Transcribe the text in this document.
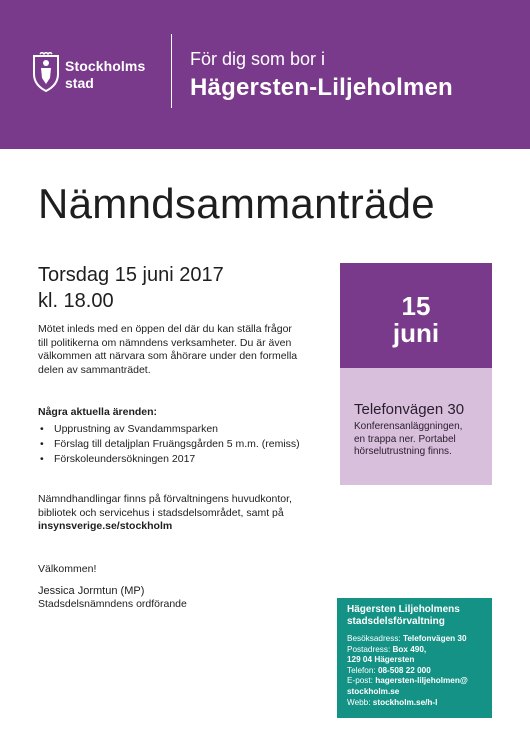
Stockholms
stad
För dig som bor i
Hägersten-Liljeholmen
Nämndsammanträde
Torsdag 15 juni 2017
kl. 18.00
Mötet inleds med en öppen del där du kan ställa frågor
till politikerna om nämndens verksamheter. Du är även
välkommen att närvara som åhörare under den formella
delen av sammanträdet.
Några aktuella ärenden:
• Upprustning av Svandammsparken
• Förslag till detaljplan Fruängsgården 5 m.m. (remiss)
• Förskoleundersökningen 2017
Nämndhandlingar finns på förvaltningens huvudkontor,
bibliotek och servicehus i stadsdelsområdet, samt på
insynsverige.se/stockholm
Välkommen!
Jessica Jormtun (MP)
Stadsdelsnämndens ordförande
15
juni
Telefonvägen 30
Konferensanläggningen,
en trappa ner. Portabel
hörselutrustning finns.
Hägersten Liljeholmens
stadsdelsförvaltning
Besöksadress: Telefonvägen 30
Postadress: Box 490,
129 04 Hägersten
Telefon: 08-508 22 000
E-post: hagersten-liljeholmen@
stockholm.se
Webb: stockholm.se/h-l
